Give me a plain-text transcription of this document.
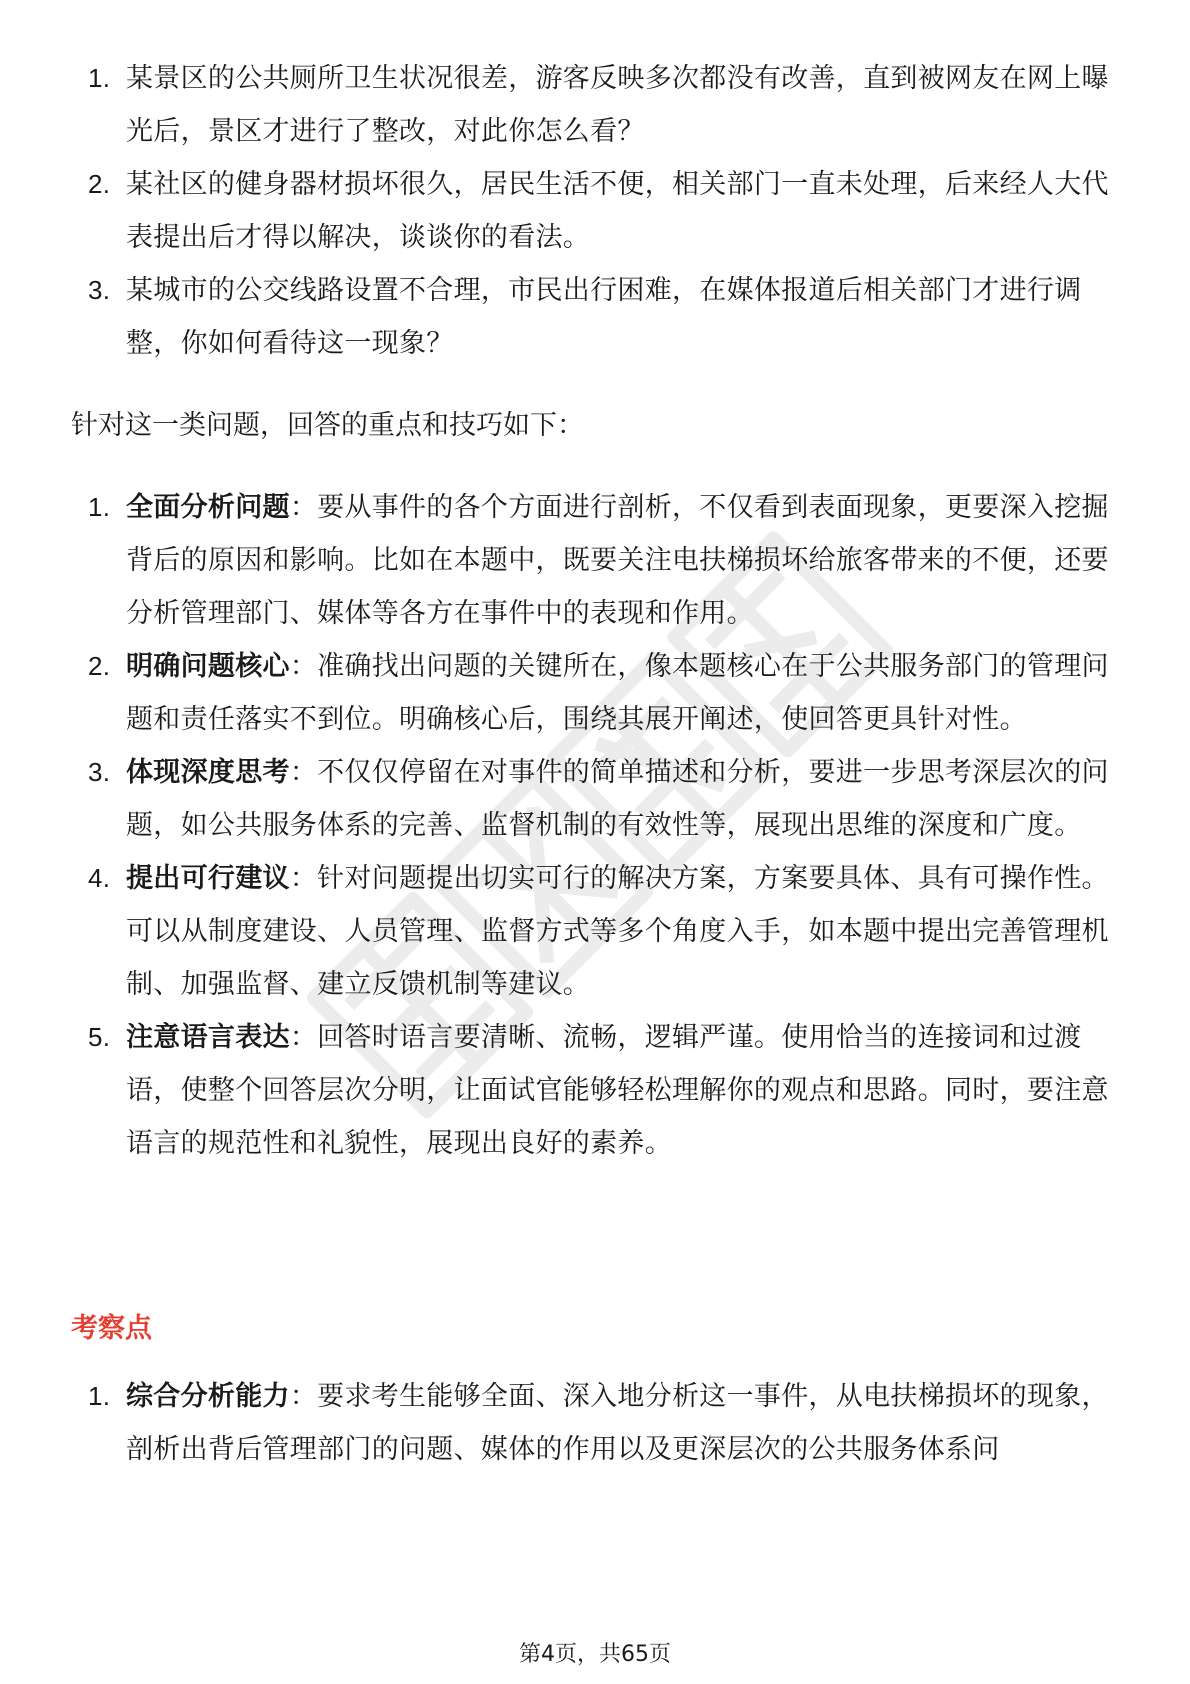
1. 某景区的公共厕所卫生状况很差，游客反映多次都没有改善，直到被网友在网上曝光后，景区才进行了整改，对此你怎么看？
2. 某社区的健身器材损坏很久，居民生活不便，相关部门一直未处理，后来经人大代表提出后才得以解决，谈谈你的看法。
3. 某城市的公交线路设置不合理，市民出行困难，在媒体报道后相关部门才进行调整，你如何看待这一现象？

针对这一类问题，回答的重点和技巧如下：

1. 全面分析问题：要从事件的各个方面进行剖析，不仅看到表面现象，更要深入挖掘背后的原因和影响。比如在本题中，既要关注电扶梯损坏给旅客带来的不便，还要分析管理部门、媒体等各方在事件中的表现和作用。
2. 明确问题核心：准确找出问题的关键所在，像本题核心在于公共服务部门的管理问题和责任落实不到位。明确核心后，围绕其展开阐述，使回答更具针对性。
3. 体现深度思考：不仅仅停留在对事件的简单描述和分析，要进一步思考深层次的问题，如公共服务体系的完善、监督机制的有效性等，展现出思维的深度和广度。
4. 提出可行建议：针对问题提出切实可行的解决方案，方案要具体、具有可操作性。可以从制度建设、人员管理、监督方式等多个角度入手，如本题中提出完善管理机制、加强监督、建立反馈机制等建议。
5. 注意语言表达：回答时语言要清晰、流畅，逻辑严谨。使用恰当的连接词和过渡语，使整个回答层次分明，让面试官能够轻松理解你的观点和思路。同时，要注意语言的规范性和礼貌性，展现出良好的素养。
考察点
1. 综合分析能力：要求考生能够全面、深入地分析这一事件，从电扶梯损坏的现象，剖析出背后管理部门的问题、媒体的作用以及更深层次的公共服务体系问
第4页，共65页
